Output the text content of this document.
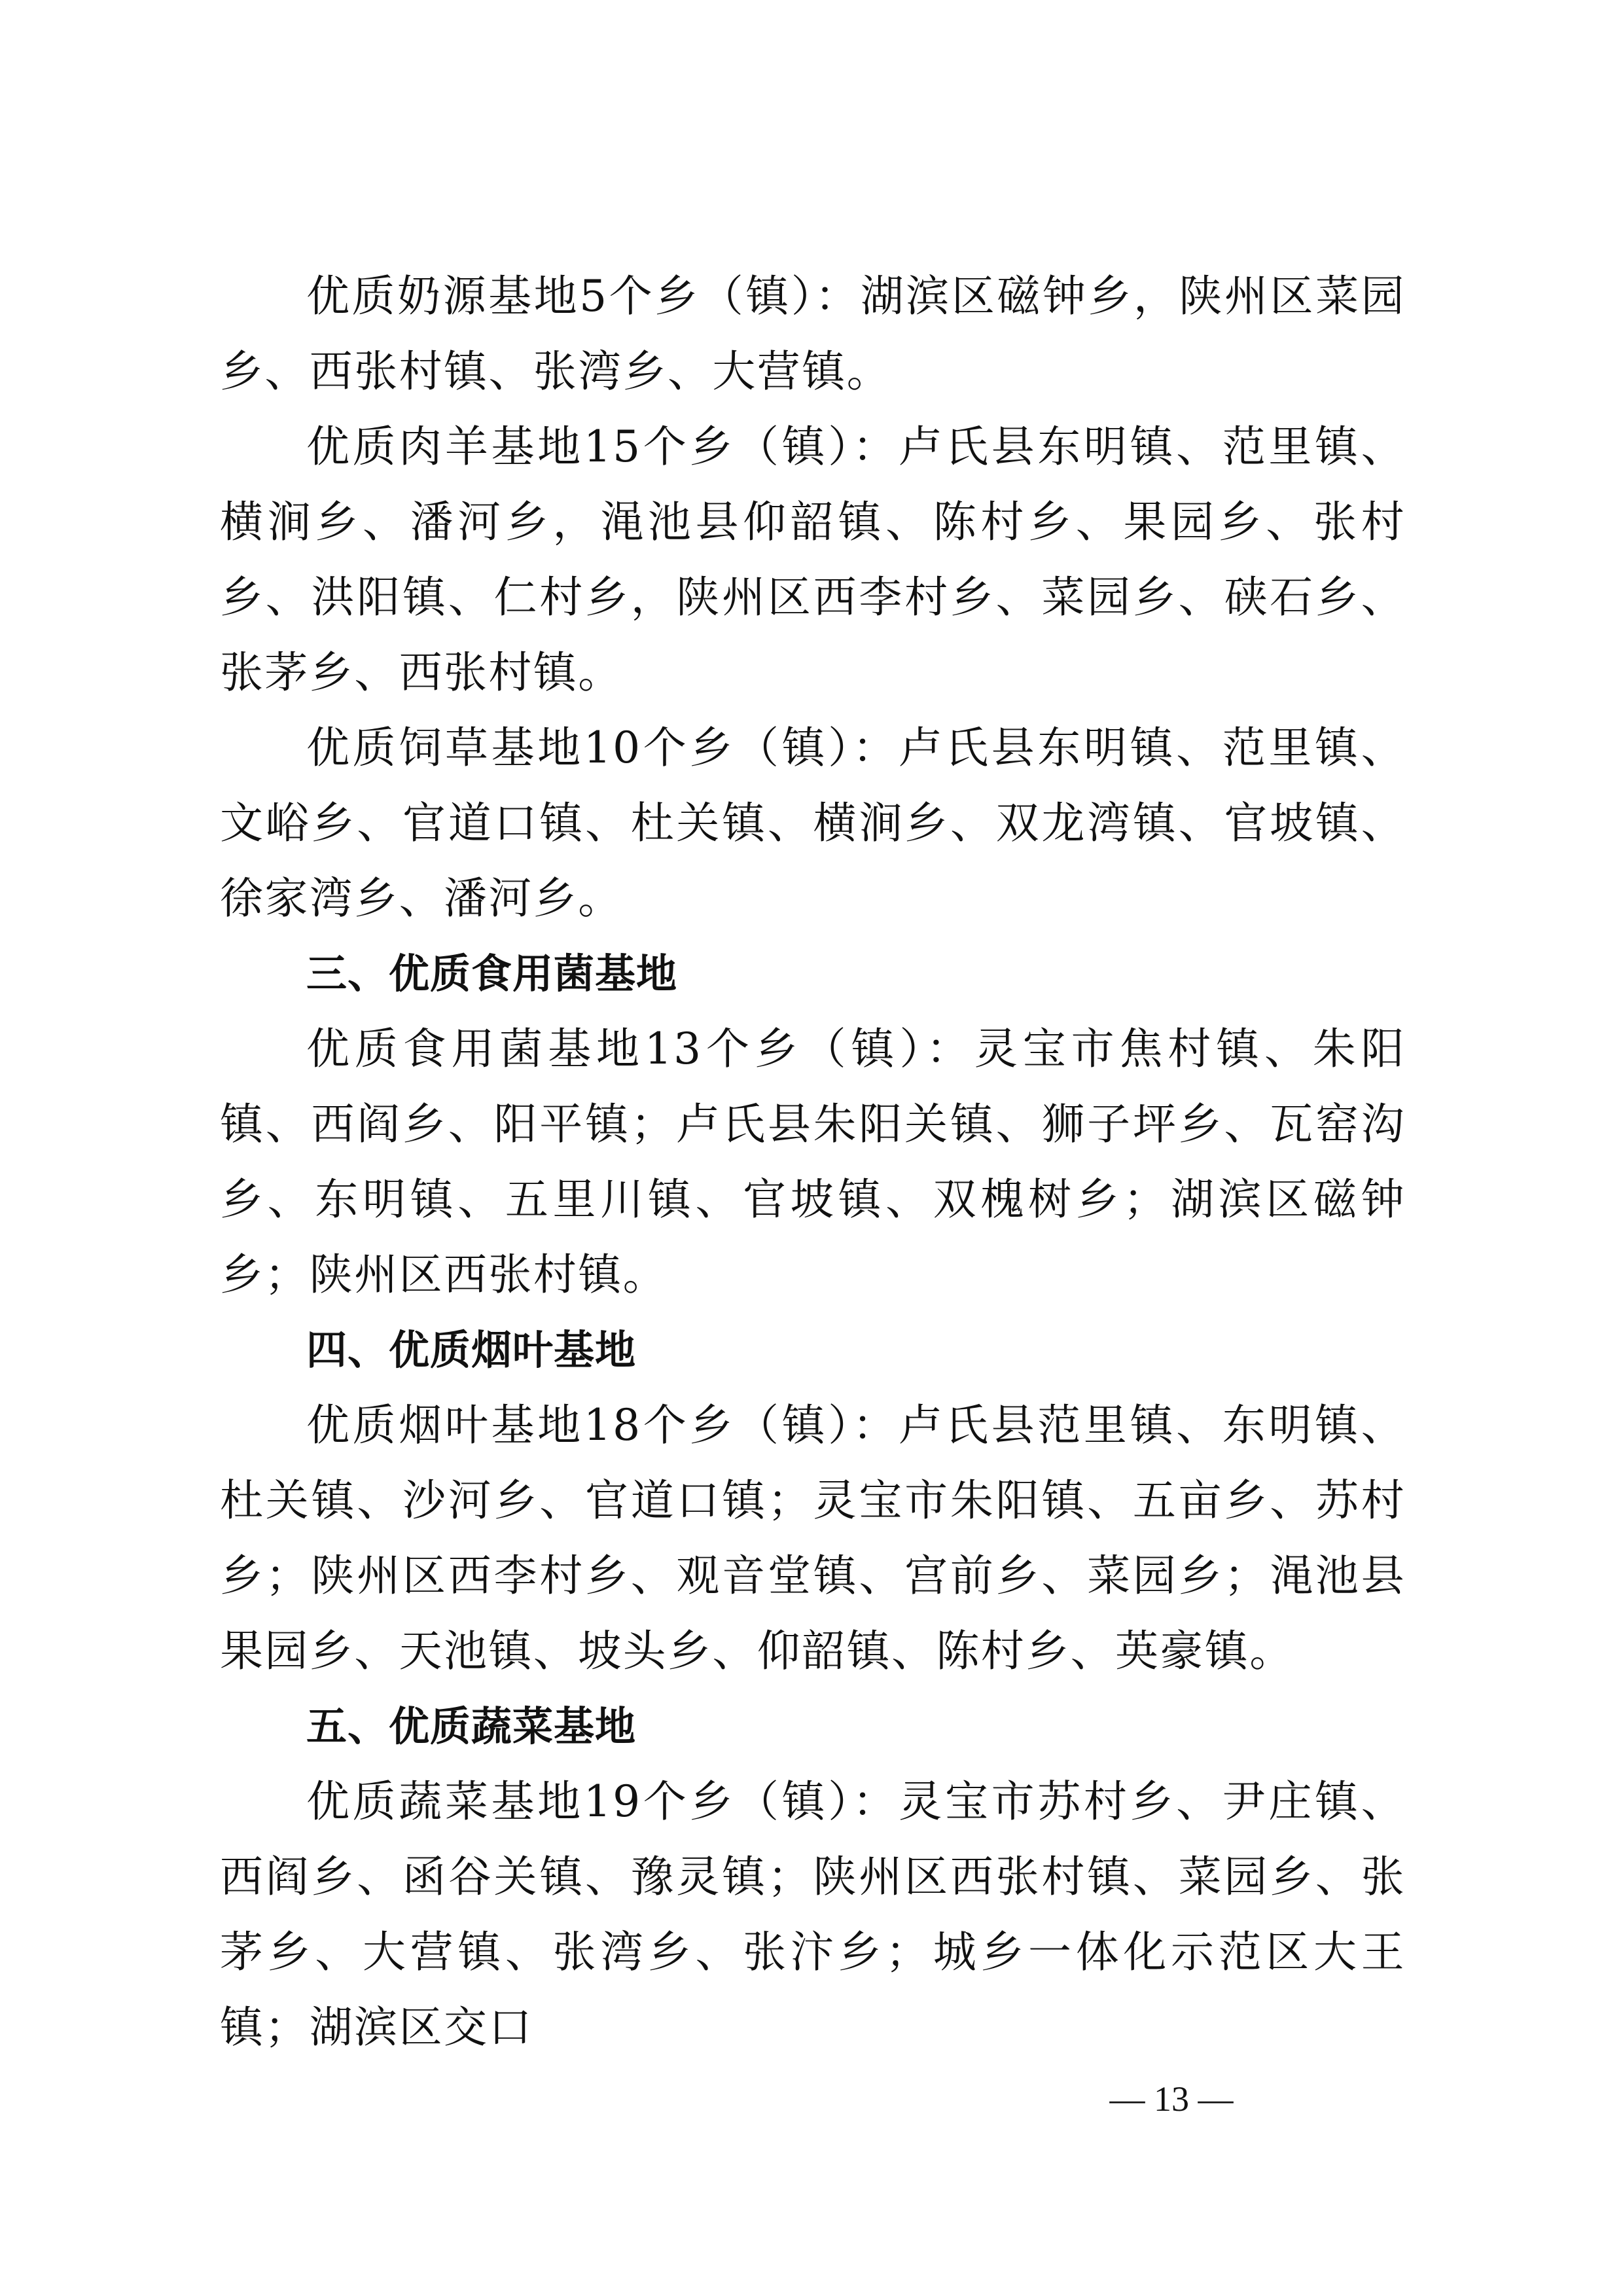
优质奶源基地5个乡（镇）：湖滨区磁钟乡，陕州区菜园乡、西张村镇、张湾乡、大营镇。

优质肉羊基地15个乡（镇）：卢氏县东明镇、范里镇、横涧乡、潘河乡，渑池县仰韶镇、陈村乡、果园乡、张村乡、洪阳镇、仁村乡，陕州区西李村乡、菜园乡、硖石乡、张茅乡、西张村镇。

优质饲草基地10个乡（镇）：卢氏县东明镇、范里镇、文峪乡、官道口镇、杜关镇、横涧乡、双龙湾镇、官坡镇、徐家湾乡、潘河乡。

三、优质食用菌基地

优质食用菌基地13个乡（镇）：灵宝市焦村镇、朱阳镇、西阎乡、阳平镇；卢氏县朱阳关镇、狮子坪乡、瓦窑沟乡、东明镇、五里川镇、官坡镇、双槐树乡；湖滨区磁钟乡；陕州区西张村镇。

四、优质烟叶基地

优质烟叶基地18个乡（镇）：卢氏县范里镇、东明镇、杜关镇、沙河乡、官道口镇；灵宝市朱阳镇、五亩乡、苏村乡；陕州区西李村乡、观音堂镇、宫前乡、菜园乡；渑池县果园乡、天池镇、坡头乡、仰韶镇、陈村乡、英豪镇。

五、优质蔬菜基地

优质蔬菜基地19个乡（镇）：灵宝市苏村乡、尹庄镇、西阎乡、函谷关镇、豫灵镇；陕州区西张村镇、菜园乡、张茅乡、大营镇、张湾乡、张汴乡；城乡一体化示范区大王镇；湖滨区交口

— 13 —
